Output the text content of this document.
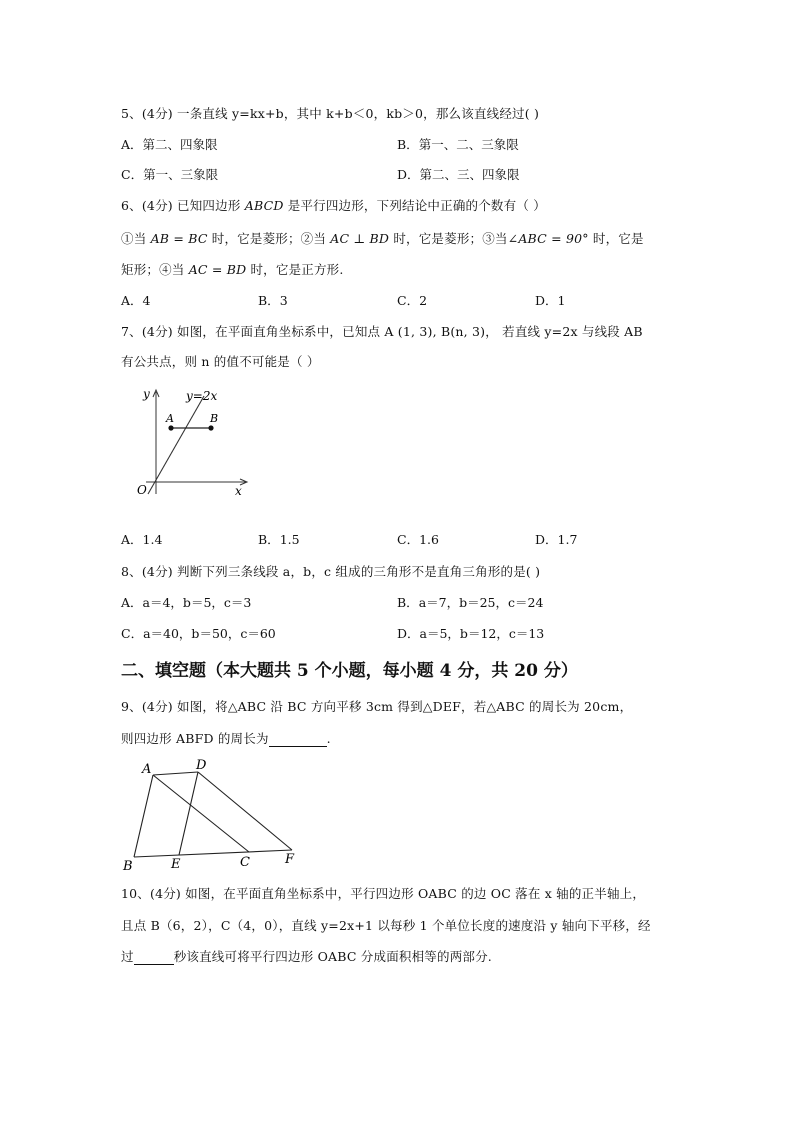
5、(4分) 一条直线 y=kx+b，其中 k+b＜0，kb＞0，那么该直线经过( )
A．第二、四象限	B．第一、二、三象限
C．第一、三象限	D．第二、三、四象限
6、(4分) 已知四边形 ABCD 是平行四边形，下列结论中正确的个数有（ ）
①当 AB = BC 时，它是菱形；②当 AC ⊥ BD 时，它是菱形；③当∠ABC = 90° 时，它是
矩形；④当 AC = BD 时，它是正方形.
A．4	B．3	C．2	D．1
7、(4分) 如图，在平面直角坐标系中，已知点 A (1, 3), B(n, 3)， 若直线 y=2x 与线段 AB
有公共点，则 n 的值不可能是（ ）
y	y=2x
A	B
O	x
A．1.4	B．1.5	C．1.6	D．1.7
8、(4分) 判断下列三条线段 a，b，c 组成的三角形不是直角三角形的是( )
A．a＝4，b＝5，c＝3	B．a＝7，b＝25，c＝24
C．a＝40，b＝50，c＝60	D．a＝5，b＝12，c＝13
二、填空题（本大题共 5 个小题，每小题 4 分，共 20 分）
9、(4分) 如图，将△ABC 沿 BC 方向平移 3cm 得到△DEF，若△ABC 的周长为 20cm，
则四边形 ABFD 的周长为	.
A	D
B	E	C	F
10、(4分) 如图，在平面直角坐标系中，平行四边形 OABC 的边 OC 落在 x 轴的正半轴上，
且点 B（6，2），C（4，0），直线 y=2x+1 以每秒 1 个单位长度的速度沿 y 轴向下平移，经
过	秒该直线可将平行四边形 OABC 分成面积相等的两部分.
